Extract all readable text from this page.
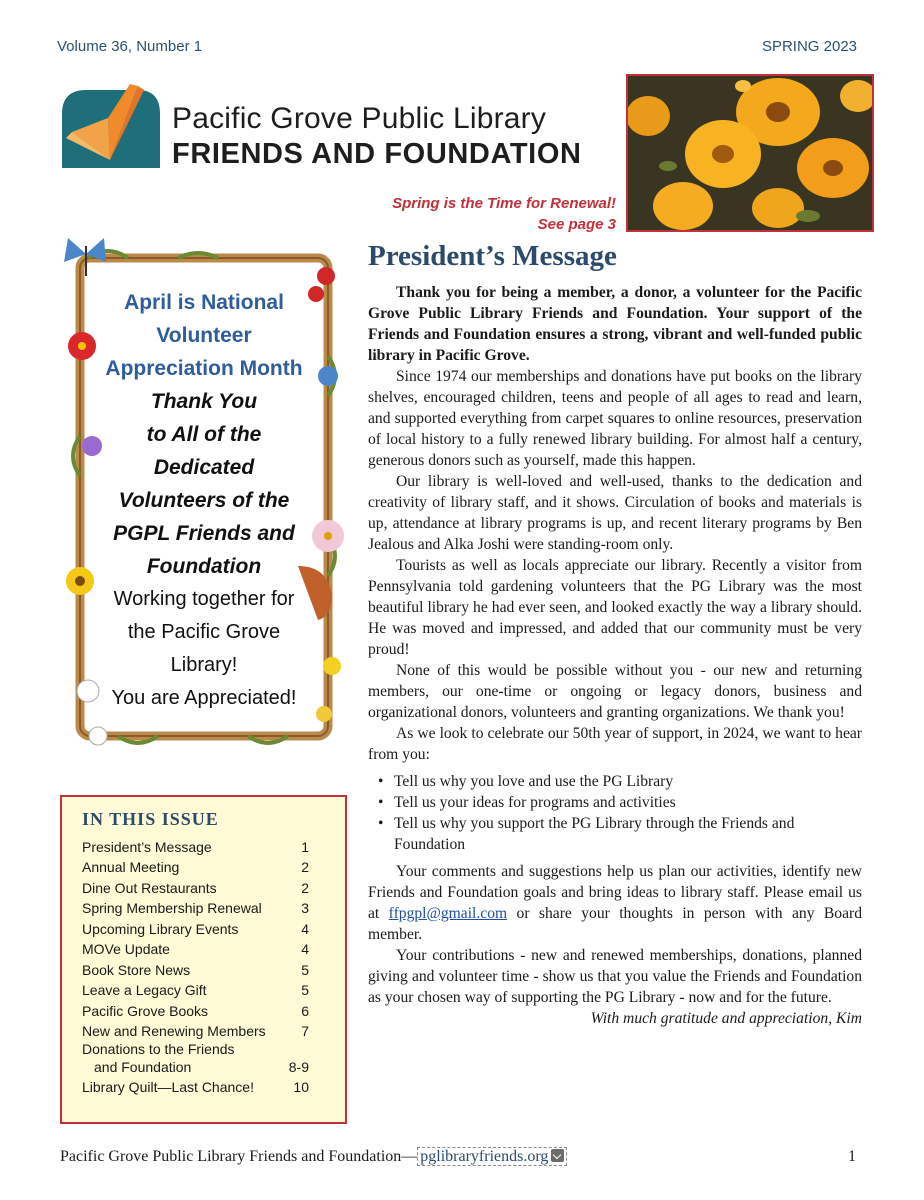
Volume 36, Number 1	SPRING 2023
Pacific Grove Public Library
FRIENDS AND FOUNDATION
Spring is the Time for Renewal!
See page 3
April is National
Volunteer
Appreciation Month
Thank You
to All of the
Dedicated
Volunteers of the
PGPL Friends and
Foundation
Working together for
the Pacific Grove
Library!
You are Appreciated!
IN THIS ISSUE
President’s Message	1
Annual Meeting	2
Dine Out Restaurants	2
Spring Membership Renewal	3
Upcoming Library Events	4
MOVe Update	4
Book Store News	5
Leave a Legacy Gift	5
Pacific Grove Books	6
New and Renewing Members	7
Donations to the Friends
and Foundation	8-9
Library Quilt—Last Chance!	10
President’s Message

Thank you for being a member, a donor, a volunteer for the Pacific Grove Public Library Friends and Foundation. Your support of the Friends and Foundation ensures a strong, vibrant and well-funded public library in Pacific Grove.

Since 1974 our memberships and donations have put books on the library shelves, encouraged children, teens and people of all ages to read and learn, and supported everything from carpet squares to online resources, preservation of local history to a fully renewed library building. For almost half a century, generous donors such as yourself, made this happen.

Our library is well-loved and well-used, thanks to the dedication and creativity of library staff, and it shows. Circulation of books and materials is up, attendance at library programs is up, and recent literary programs by Ben Jealous and Alka Joshi were standing-room only.

Tourists as well as locals appreciate our library. Recently a visitor from Pennsylvania told gardening volunteers that the PG Library was the most beautiful library he had ever seen, and looked exactly the way a library should. He was moved and impressed, and added that our community must be very proud!

None of this would be possible without you - our new and returning members, our one-time or ongoing or legacy donors, business and organizational donors, volunteers and granting organizations. We thank you!

As we look to celebrate our 50th year of support, in 2024, we want to hear from you:

• Tell us why you love and use the PG Library
• Tell us your ideas for programs and activities
• Tell us why you support the PG Library through the Friends and Foundation

Your comments and suggestions help us plan our activities, identify new Friends and Foundation goals and bring ideas to library staff. Please email us at ffpgpl@gmail.com or share your thoughts in person with any Board member.

Your contributions - new and renewed memberships, donations, planned giving and volunteer time - show us that you value the Friends and Foundation as your chosen way of supporting the PG Library - now and for the future.

With much gratitude and appreciation, Kim

Pacific Grove Public Library Friends and Foundation— pglibraryfriends.org	1
